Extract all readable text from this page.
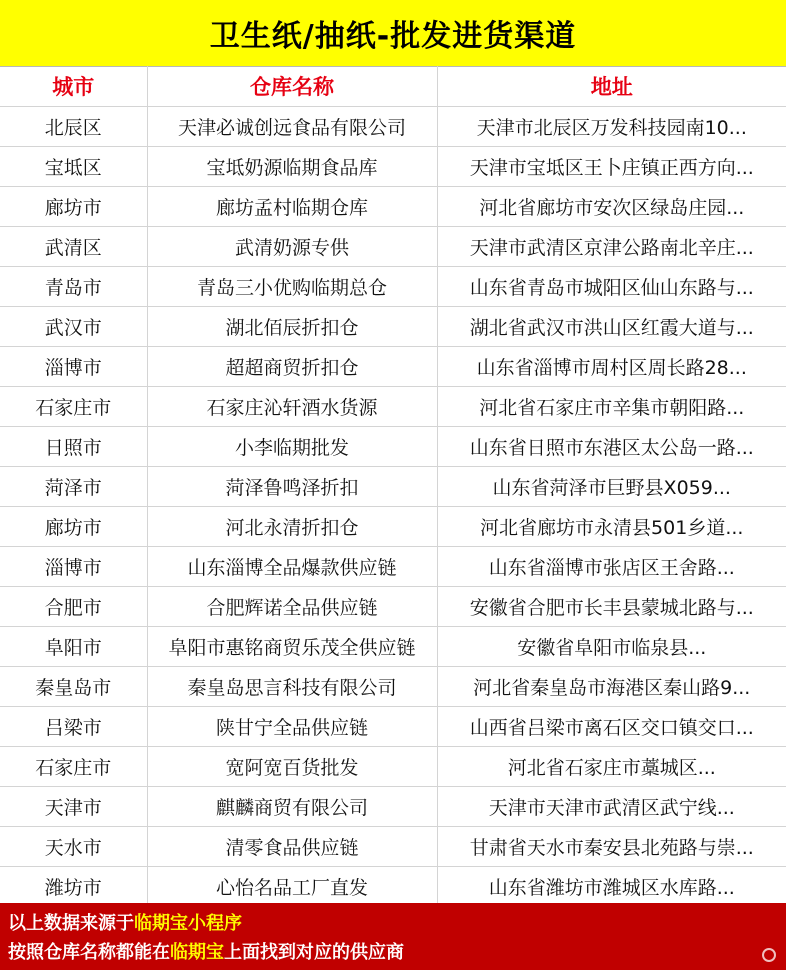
卫生纸/抽纸-批发进货渠道
城市	仓库名称	地址
北辰区	天津必诚创远食品有限公司	天津市北辰区万发科技园南10...
宝坻区	宝坻奶源临期食品库	天津市宝坻区王卜庄镇正西方向...
廊坊市	廊坊孟村临期仓库	河北省廊坊市安次区绿岛庄园...
武清区	武清奶源专供	天津市武清区京津公路南北辛庄...
青岛市	青岛三小优购临期总仓	山东省青岛市城阳区仙山东路与...
武汉市	湖北佰辰折扣仓	湖北省武汉市洪山区红霞大道与...
淄博市	超超商贸折扣仓	山东省淄博市周村区周长路28...
石家庄市	石家庄沁轩酒水货源	河北省石家庄市辛集市朝阳路...
日照市	小李临期批发	山东省日照市东港区太公岛一路...
菏泽市	菏泽鲁鸣泽折扣	山东省菏泽市巨野县X059...
廊坊市	河北永清折扣仓	河北省廊坊市永清县501乡道...
淄博市	山东淄博全品爆款供应链	山东省淄博市张店区王舍路...
合肥市	合肥辉诺全品供应链	安徽省合肥市长丰县蒙城北路与...
阜阳市	阜阳市惠铭商贸乐茂全供应链	安徽省阜阳市临泉县...
秦皇岛市	秦皇岛思言科技有限公司	河北省秦皇岛市海港区秦山路9...
吕梁市	陕甘宁全品供应链	山西省吕梁市离石区交口镇交口...
石家庄市	宽阿宽百货批发	河北省石家庄市藁城区...
天津市	麒麟商贸有限公司	天津市天津市武清区武宁线...
天水市	清零食品供应链	甘肃省天水市秦安县北苑路与崇...
潍坊市	心怡名品工厂直发	山东省潍坊市潍城区水库路...
以上数据来源于临期宝小程序
按照仓库名称都能在临期宝上面找到对应的供应商
